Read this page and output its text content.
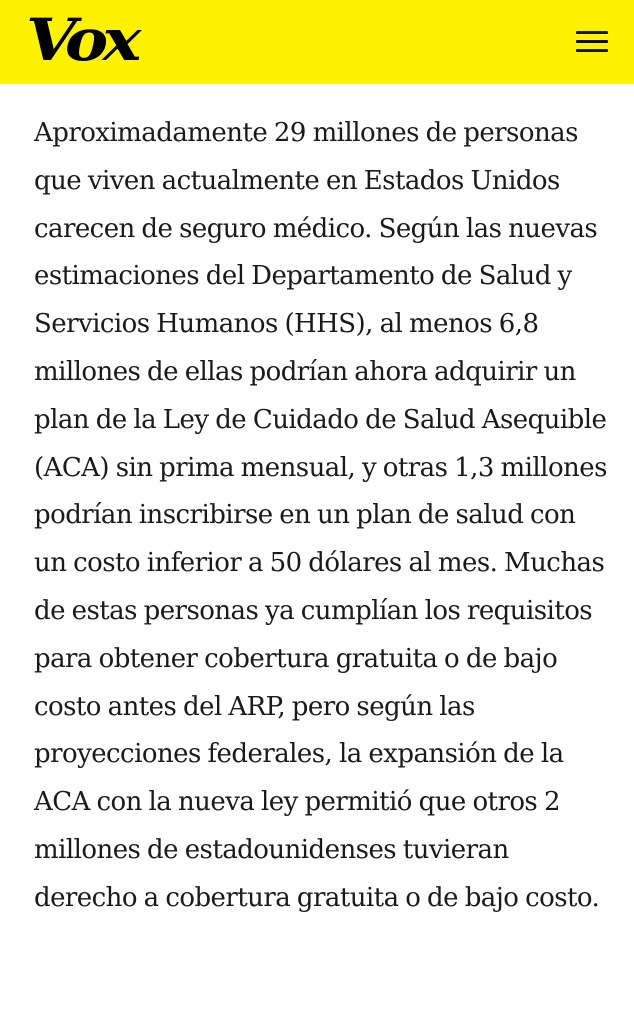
Vox

Aproximadamente 29 millones de personas que viven actualmente en Estados Unidos carecen de seguro médico. Según las nuevas estimaciones del Departamento de Salud y Servicios Humanos (HHS), al menos 6,8 millones de ellas podrían ahora adquirir un plan de la Ley de Cuidado de Salud Asequible (ACA) sin prima mensual, y otras 1,3 millones podrían inscribirse en un plan de salud con un costo inferior a 50 dólares al mes. Muchas de estas personas ya cumplían los requisitos para obtener cobertura gratuita o de bajo costo antes del ARP, pero según las proyecciones federales, la expansión de la ACA con la nueva ley permitió que otros 2 millones de estadounidenses tuvieran derecho a cobertura gratuita o de bajo costo.
